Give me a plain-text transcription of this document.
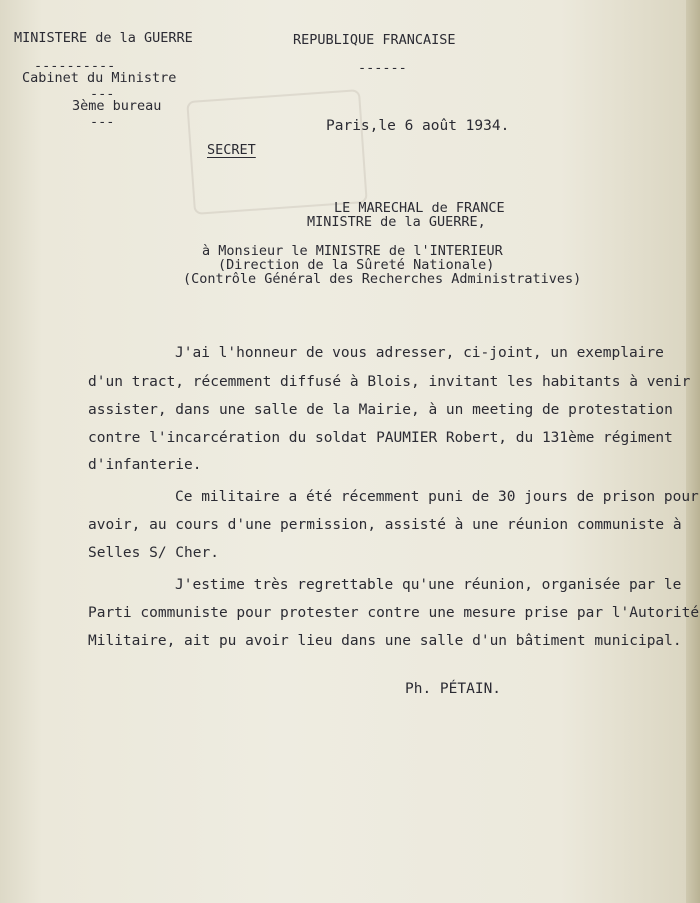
MINISTERE de la GUERRE
----------
Cabinet du Ministre
---
3ème bureau
---
REPUBLIQUE FRANCAISE
------
Paris,le 6 août 1934.
SECRET
LE MARECHAL de FRANCE
MINISTRE de la GUERRE,
à Monsieur le MINISTRE de l'INTERIEUR
(Direction de la Sûreté Nationale)
(Contrôle Général des Recherches Administratives)
J'ai l'honneur de vous adresser, ci-joint, un exemplaire
d'un tract, récemment diffusé à Blois, invitant les habitants à venir
assister, dans une salle de la Mairie, à un meeting de protestation
contre l'incarcération du soldat PAUMIER Robert, du 131ème régiment
d'infanterie.
Ce militaire a été récemment puni de 30 jours de prison pour
avoir, au cours d'une permission, assisté à une réunion communiste à
Selles S/ Cher.
J'estime très regrettable qu'une réunion, organisée par le
Parti communiste pour protester contre une mesure prise par l'Autorité
Militaire, ait pu avoir lieu dans une salle d'un bâtiment municipal.
Ph. PÉTAIN.
